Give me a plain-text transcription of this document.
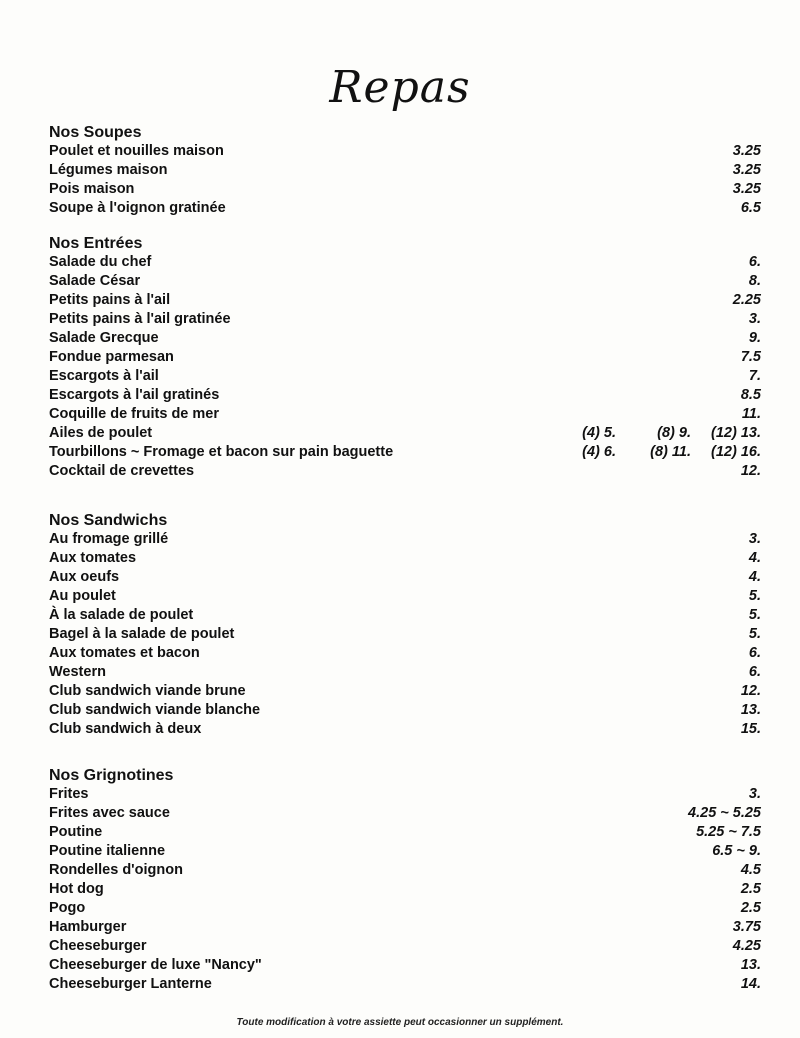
Repas
Nos Soupes
Poulet et nouilles maison	3.25
Légumes maison	3.25
Pois maison	3.25
Soupe à l'oignon gratinée	6.5
Nos Entrées
Salade du chef	6.
Salade César	8.
Petits pains à l'ail	2.25
Petits pains à l'ail gratinée	3.
Salade Grecque	9.
Fondue parmesan	7.5
Escargots à l'ail	7.
Escargots à l'ail gratinés	8.5
Coquille de fruits de mer	11.
Ailes de poulet	(4) 5.	(8) 9. (12) 13.
Tourbillons ~ Fromage et bacon sur pain baguette	(4) 6. (8) 11. (12) 16.
Cocktail de crevettes	12.
Nos Sandwichs
Au fromage grillé	3.
Aux tomates	4.
Aux oeufs	4.
Au poulet	5.
À la salade de poulet	5.
Bagel à la salade de poulet	5.
Aux tomates et bacon	6.
Western	6.
Club sandwich viande brune	12.
Club sandwich viande blanche	13.
Club sandwich à deux	15.
Nos Grignotines
Frites	3.
Frites avec sauce	4.25 ~ 5.25
Poutine	5.25 ~ 7.5
Poutine italienne	6.5 ~ 9.
Rondelles d'oignon	4.5
Hot dog	2.5
Pogo	2.5
Hamburger	3.75
Cheeseburger	4.25
Cheeseburger de luxe "Nancy"	13.
Cheeseburger Lanterne	14.
Toute modification à votre assiette peut occasionner un supplément.
